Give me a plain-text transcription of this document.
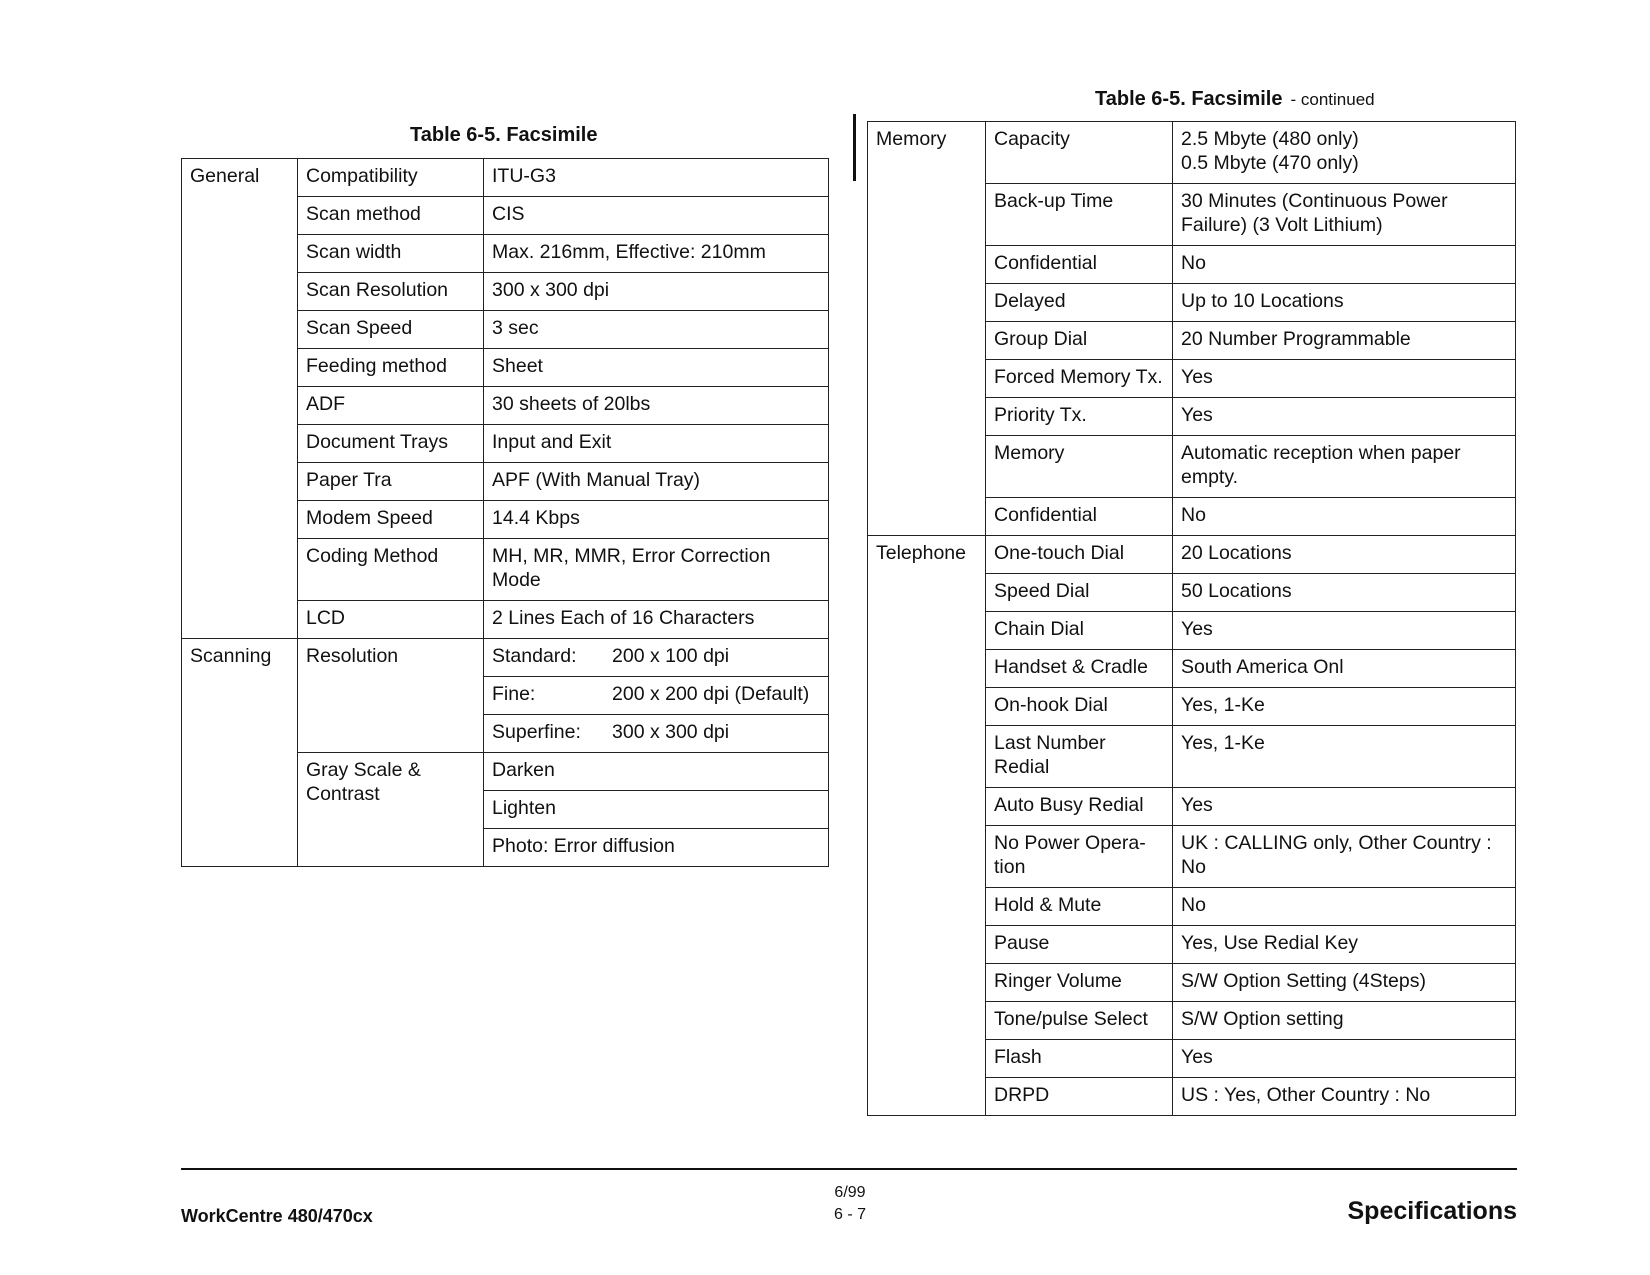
Table 6-5. Facsimile
General	Compatibility	ITU-G3
	Scan method	CIS
	Scan width	Max. 216mm, Effective: 210mm
	Scan Resolution	300 x 300 dpi
	Scan Speed	3 sec
	Feeding method	Sheet
	ADF	30 sheets of 20lbs
	Document Trays	Input and Exit
	Paper Tra	APF (With Manual Tray)
	Modem Speed	14.4 Kbps
	Coding Method	MH, MR, MMR, Error Correction Mode
	LCD	2 Lines Each of 16 Characters
Scanning	Resolution	Standard: 200 x 100 dpi
		Fine: 200 x 200 dpi (Default)
		Superfine: 300 x 300 dpi
	Gray Scale & Contrast	Darken
		Lighten
		Photo: Error diffusion
Table 6-5. Facsimile - continued
Memory	Capacity	2.5 Mbyte (480 only)
0.5 Mbyte (470 only)
	Back-up Time	30 Minutes (Continuous Power Failure) (3 Volt Lithium)
	Confidential	No
	Delayed	Up to 10 Locations
	Group Dial	20 Number Programmable
	Forced Memory Tx.	Yes
	Priority Tx.	Yes
	Memory	Automatic reception when paper empty.
	Confidential	No
Telephone	One-touch Dial	20 Locations
	Speed Dial	50 Locations
	Chain Dial	Yes
	Handset & Cradle	South America Onl
	On-hook Dial	Yes, 1-Ke
	Last Number Redial	Yes, 1-Ke
	Auto Busy Redial	Yes
	No Power Opera-tion	UK : CALLING only, Other Country : No
	Hold & Mute	No
	Pause	Yes, Use Redial Key
	Ringer Volume	S/W Option Setting (4Steps)
	Tone/pulse Select	S/W Option setting
	Flash	Yes
	DRPD	US : Yes, Other Country : No
WorkCentre 480/470cx
6/99
6 - 7	Specifications
